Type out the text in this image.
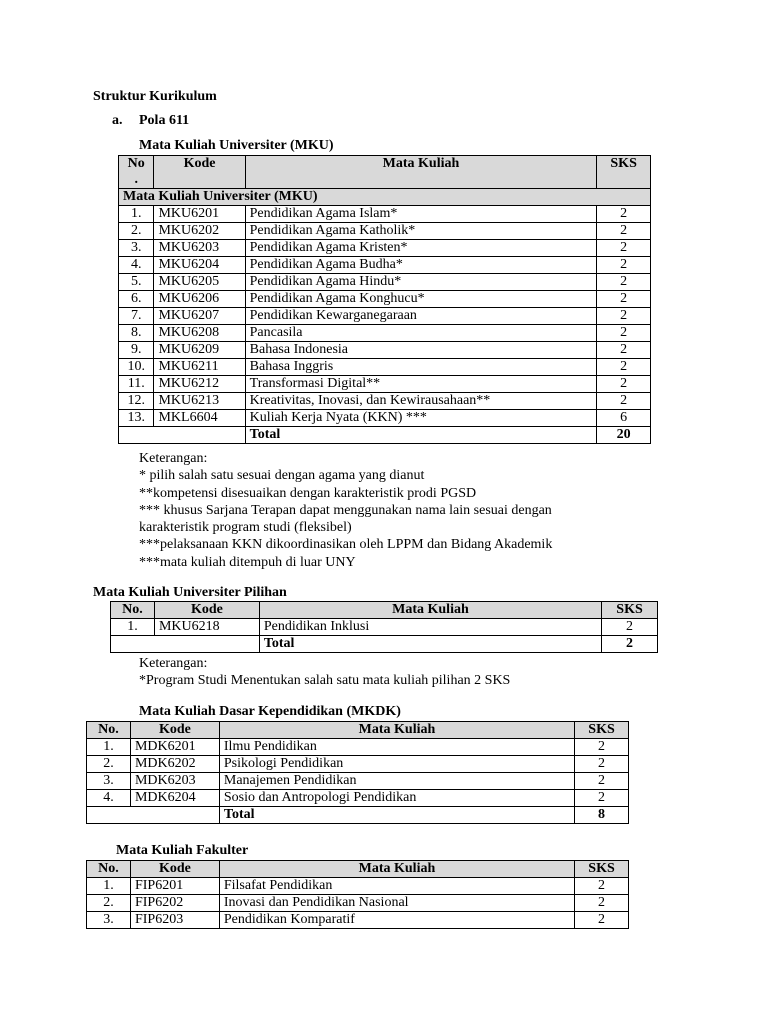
Struktur Kurikulum
a. Pola 611
Mata Kuliah Universiter (MKU)
No
.	Kode	Mata Kuliah	SKS
Mata Kuliah Universiter (MKU)			
1.	MKU6201	Pendidikan Agama Islam*	2
2.	MKU6202	Pendidikan Agama Katholik*	2
3.	MKU6203	Pendidikan Agama Kristen*	2
4.	MKU6204	Pendidikan Agama Budha*	2
5.	MKU6205	Pendidikan Agama Hindu*	2
6.	MKU6206	Pendidikan Agama Konghucu*	2
7.	MKU6207	Pendidikan Kewarganegaraan	2
8.	MKU6208	Pancasila	2
9.	MKU6209	Bahasa Indonesia	2
10.	MKU6211	Bahasa Inggris	2
11.	MKU6212	Transformasi Digital**	2
12.	MKU6213	Kreativitas, Inovasi, dan Kewirausahaan**	2
13.	MKL6604	Kuliah Kerja Nyata (KKN) ***	6
		Total	20
Keterangan:
* pilih salah satu sesuai dengan agama yang dianut
**kompetensi disesuaikan dengan karakteristik prodi PGSD
*** khusus Sarjana Terapan dapat menggunakan nama lain sesuai dengan
karakteristik program studi (fleksibel)
***pelaksanaan KKN dikoordinasikan oleh LPPM dan Bidang Akademik
***mata kuliah ditempuh di luar UNY
Mata Kuliah Universiter Pilihan
No.	Kode	Mata Kuliah	SKS
1.	MKU6218	Pendidikan Inklusi	2
		Total	2
Keterangan:
*Program Studi Menentukan salah satu mata kuliah pilihan 2 SKS
Mata Kuliah Dasar Kependidikan (MKDK)
No.	Kode	Mata Kuliah	SKS
1.	MDK6201	Ilmu Pendidikan	2
2.	MDK6202	Psikologi Pendidikan	2
3.	MDK6203	Manajemen Pendidikan	2
4.	MDK6204	Sosio dan Antropologi Pendidikan	2
		Total	8
Mata Kuliah Fakulter
No.	Kode	Mata Kuliah	SKS
1.	FIP6201	Filsafat Pendidikan	2
2.	FIP6202	Inovasi dan Pendidikan Nasional	2
3.	FIP6203	Pendidikan Komparatif	2
